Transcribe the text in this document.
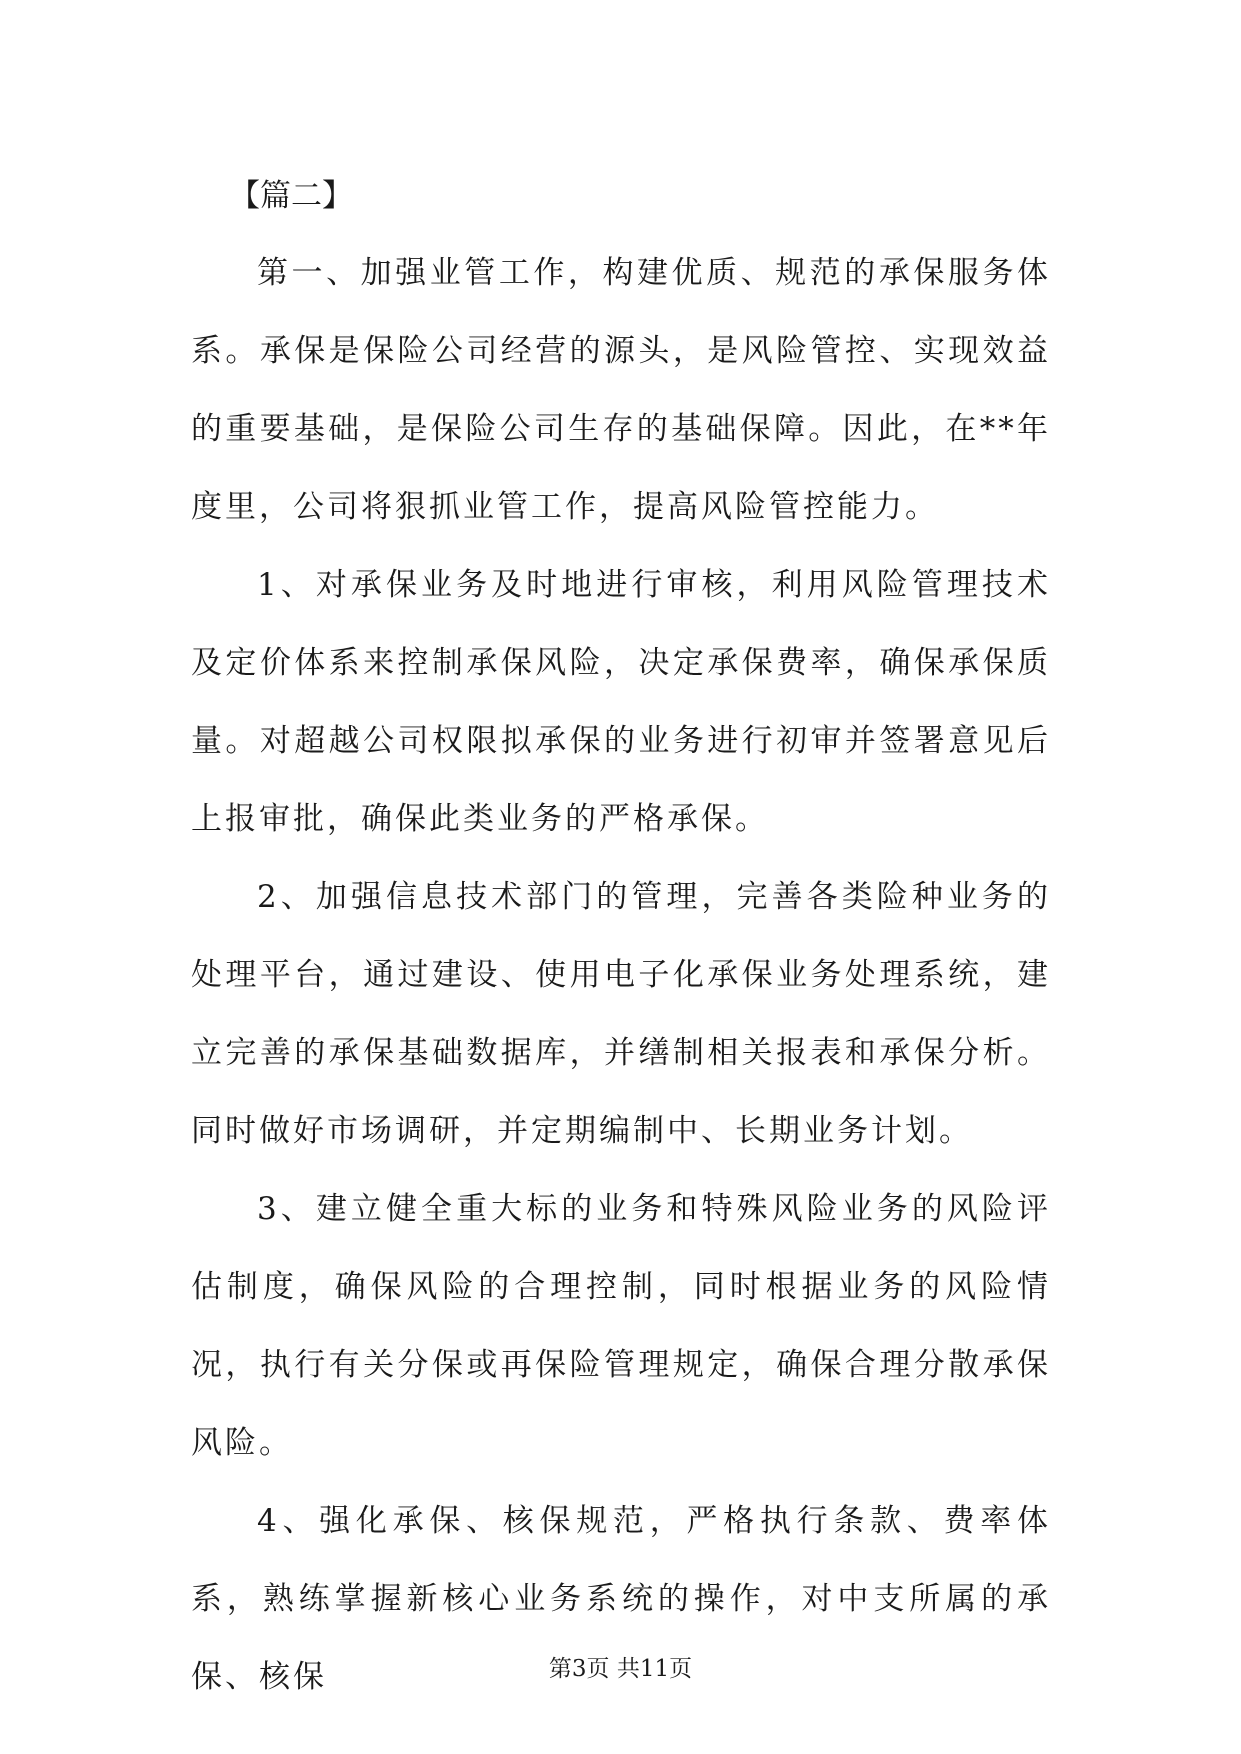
【篇二】

第一、加强业管工作，构建优质、规范的承保服务体系。承保是保险公司经营的源头，是风险管控、实现效益的重要基础，是保险公司生存的基础保障。因此，在**年度里，公司将狠抓业管工作，提高风险管控能力。

1、对承保业务及时地进行审核，利用风险管理技术及定价体系来控制承保风险，决定承保费率，确保承保质量。对超越公司权限拟承保的业务进行初审并签署意见后上报审批，确保此类业务的严格承保。

2、加强信息技术部门的管理，完善各类险种业务的处理平台，通过建设、使用电子化承保业务处理系统，建立完善的承保基础数据库，并缮制相关报表和承保分析。同时做好市场调研，并定期编制中、长期业务计划。

3、建立健全重大标的业务和特殊风险业务的风险评估制度，确保风险的合理控制，同时根据业务的风险情况，执行有关分保或再保险管理规定，确保合理分散承保风险。

4、强化承保、核保规范，严格执行条款、费率体系，熟练掌握新核心业务系统的操作，对中支所属的承保、核保	第3页 共11页
